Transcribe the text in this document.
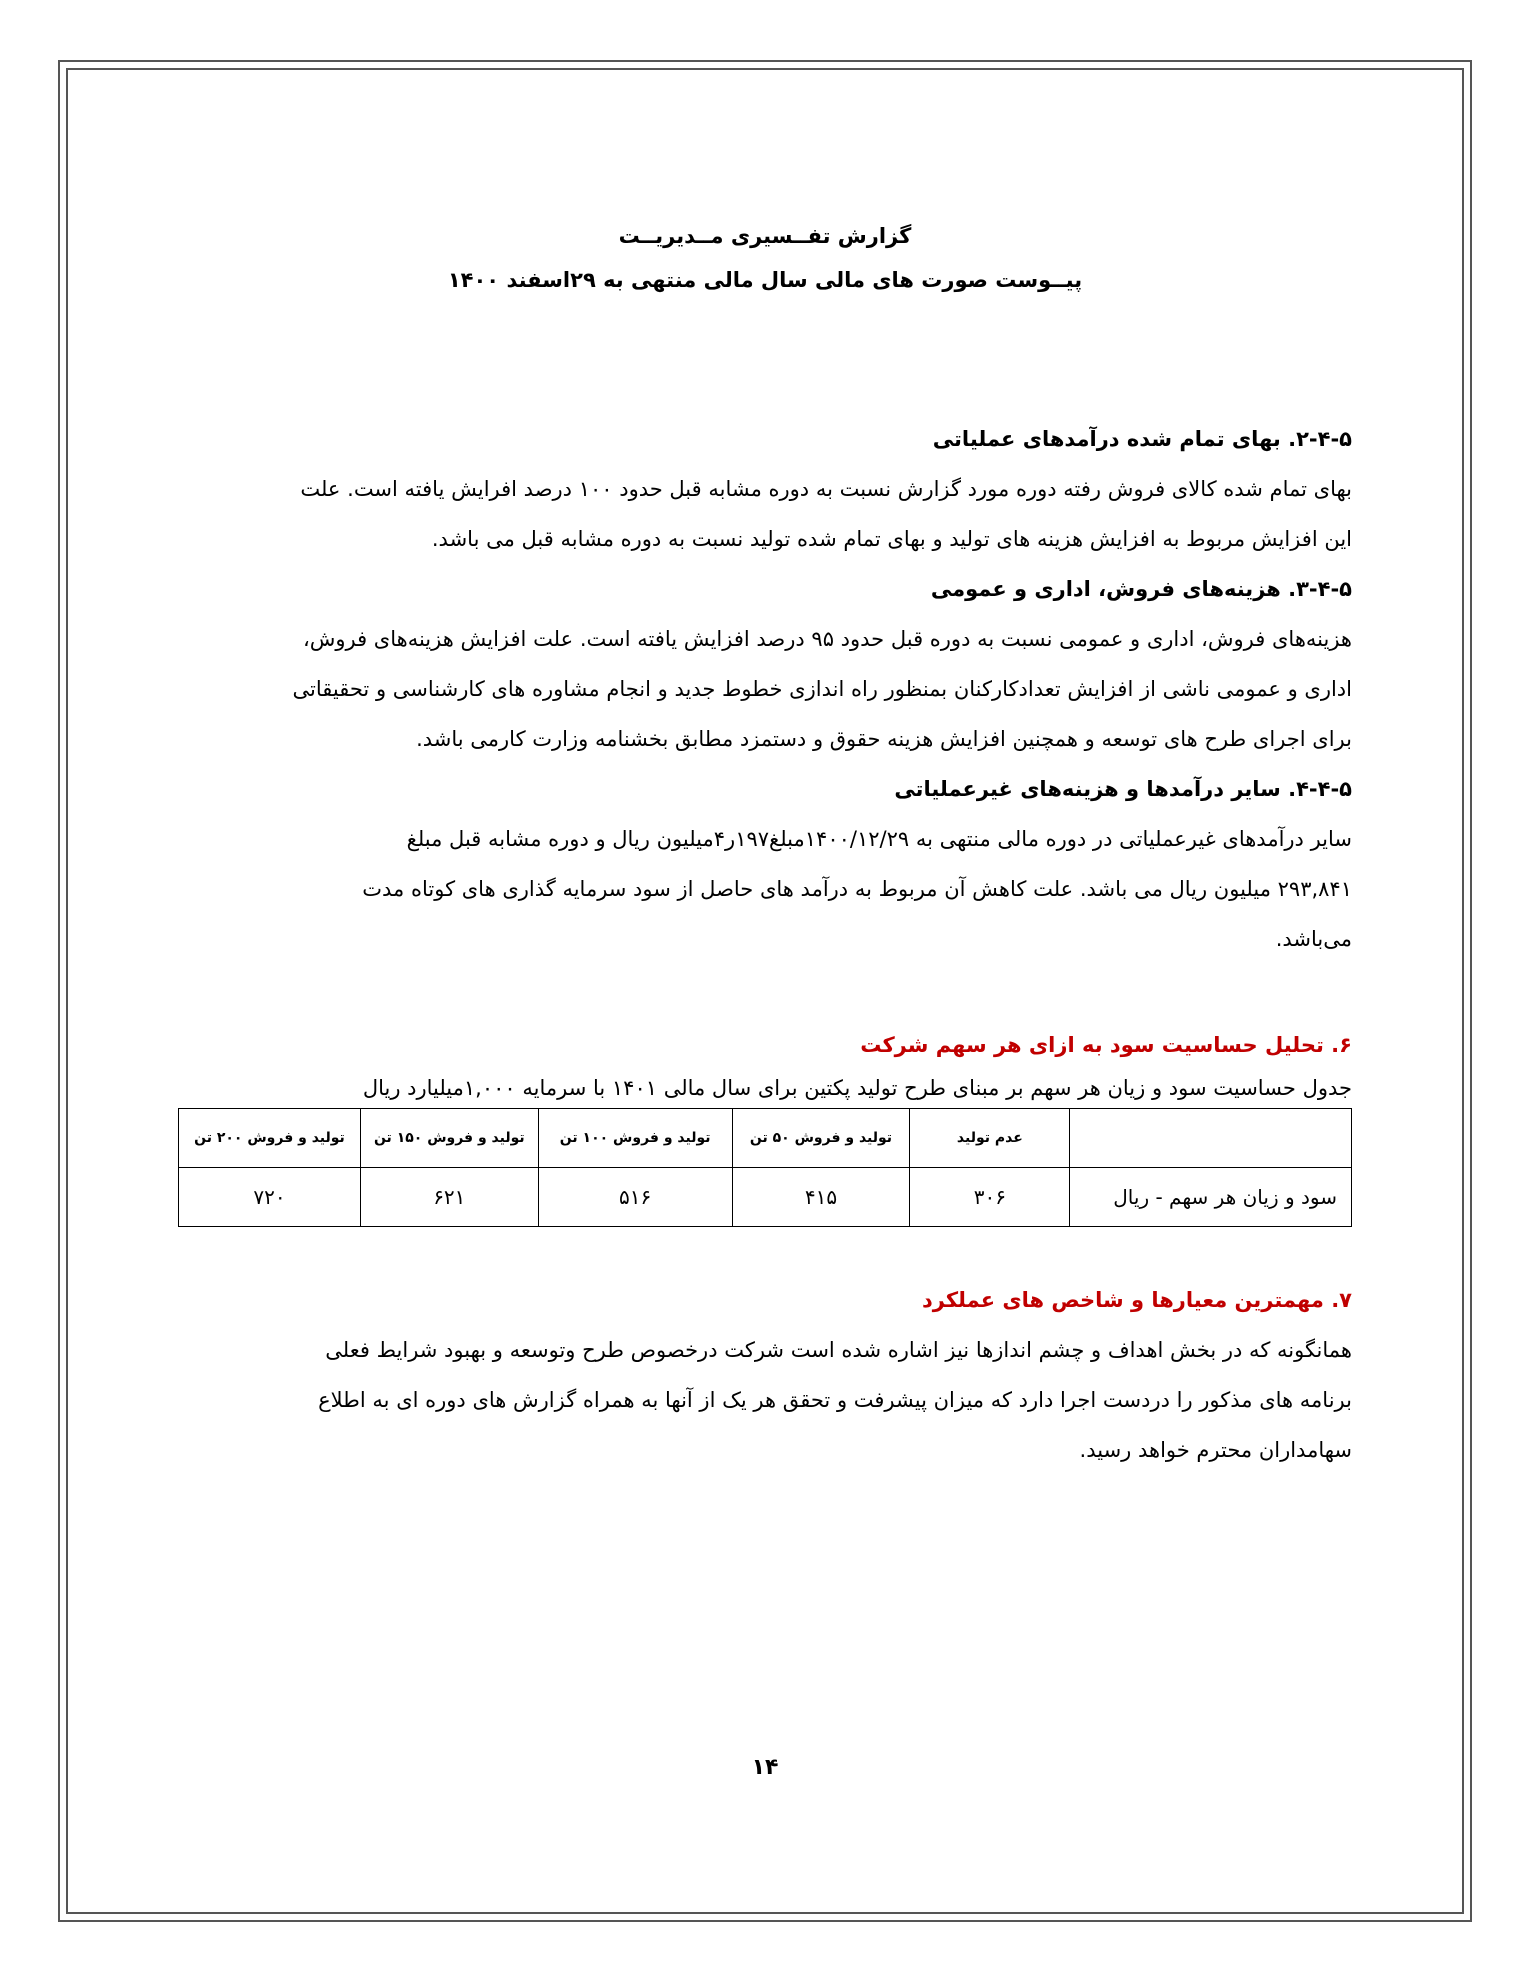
گزارش تفــسیری مــدیریــت
پیــوست صورت های مالی سال مالی منتهی به ۲۹اسفند ۱۴۰۰

۲-۴-۵. بهای تمام شده درآمدهای عملیاتی

بهای تمام شده کالای فروش رفته دوره مورد گزارش نسبت به دوره مشابه قبل حدود ۱۰۰ درصد افرایش یافته است. علت

این افزایش مربوط به افزایش هزینه های تولید و بهای تمام شده تولید نسبت به دوره مشابه قبل می باشد.

۳-۴-۵. هزینه‌های فروش، اداری و عمومی

هزینه‌های فروش، اداری و عمومی نسبت به دوره قبل حدود ۹۵ درصد افزایش یافته است. علت افزایش هزینه‌های فروش،

اداری و عمومی ناشی از افزایش تعدادکارکنان بمنظور راه اندازی خطوط جدید و انجام مشاوره های کارشناسی و تحقیقاتی

برای اجرای طرح های توسعه و همچنین افزایش هزینه حقوق و دستمزد مطابق بخشنامه وزارت کارمی باشد.

۴-۴-۵. سایر درآمدها و هزینه‌های غیرعملیاتی

سایر درآمدهای غیرعملیاتی در دوره مالی منتهی به ۱۴۰۰/۱۲/۲۹مبلغ۱۹۷ر۴میلیون ریال و دوره مشابه قبل مبلغ

۲۹۳,۸۴۱ میلیون ریال می باشد. علت کاهش آن مربوط به درآمد های حاصل از سود سرمایه گذاری های کوتاه مدت

می‌باشد.

۶. تحلیل حساسیت سود به ازای هر سهم شرکت

جدول حساسیت سود و زیان هر سهم بر مبنای طرح تولید پکتین برای سال مالی ۱۴۰۱ با سرمایه ۱,۰۰۰میلیارد ریال

	عدم تولید	تولید و فروش ۵۰ تن	تولید و فروش ۱۰۰ تن	تولید و فروش ۱۵۰ تن	تولید و فروش ۲۰۰ تن
سود و زیان هر سهم - ریال	۳۰۶	۴۱۵	۵۱۶	۶۲۱	۷۲۰

۷. مهمترین معیارها و شاخص های عملکرد

همانگونه که در بخش اهداف و چشم اندازها نیز اشاره شده است شرکت درخصوص طرح وتوسعه و بهبود شرایط فعلی

برنامه های مذکور را دردست اجرا دارد که میزان پیشرفت و تحقق هر یک از آنها به همراه گزارش های دوره ای به اطلاع

سهامداران محترم خواهد رسید.

۱۴
